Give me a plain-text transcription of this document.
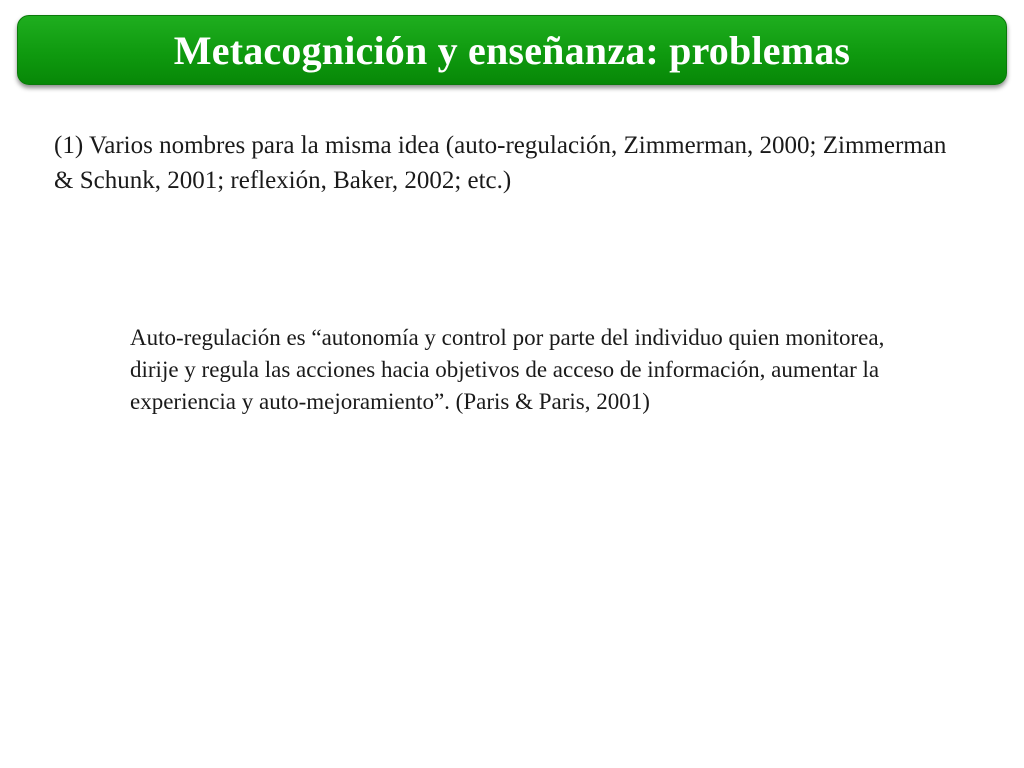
Metacognición y enseñanza: problemas

(1) Varios nombres para la misma idea (auto-regulación, Zimmerman, 2000; Zimmerman & Schunk, 2001; reflexión, Baker, 2002; etc.)

Auto-regulación es “autonomía y control por parte del individuo quien monitorea, dirije y regula las acciones hacia objetivos de acceso de información, aumentar la experiencia y auto-mejoramiento”. (Paris & Paris, 2001)
